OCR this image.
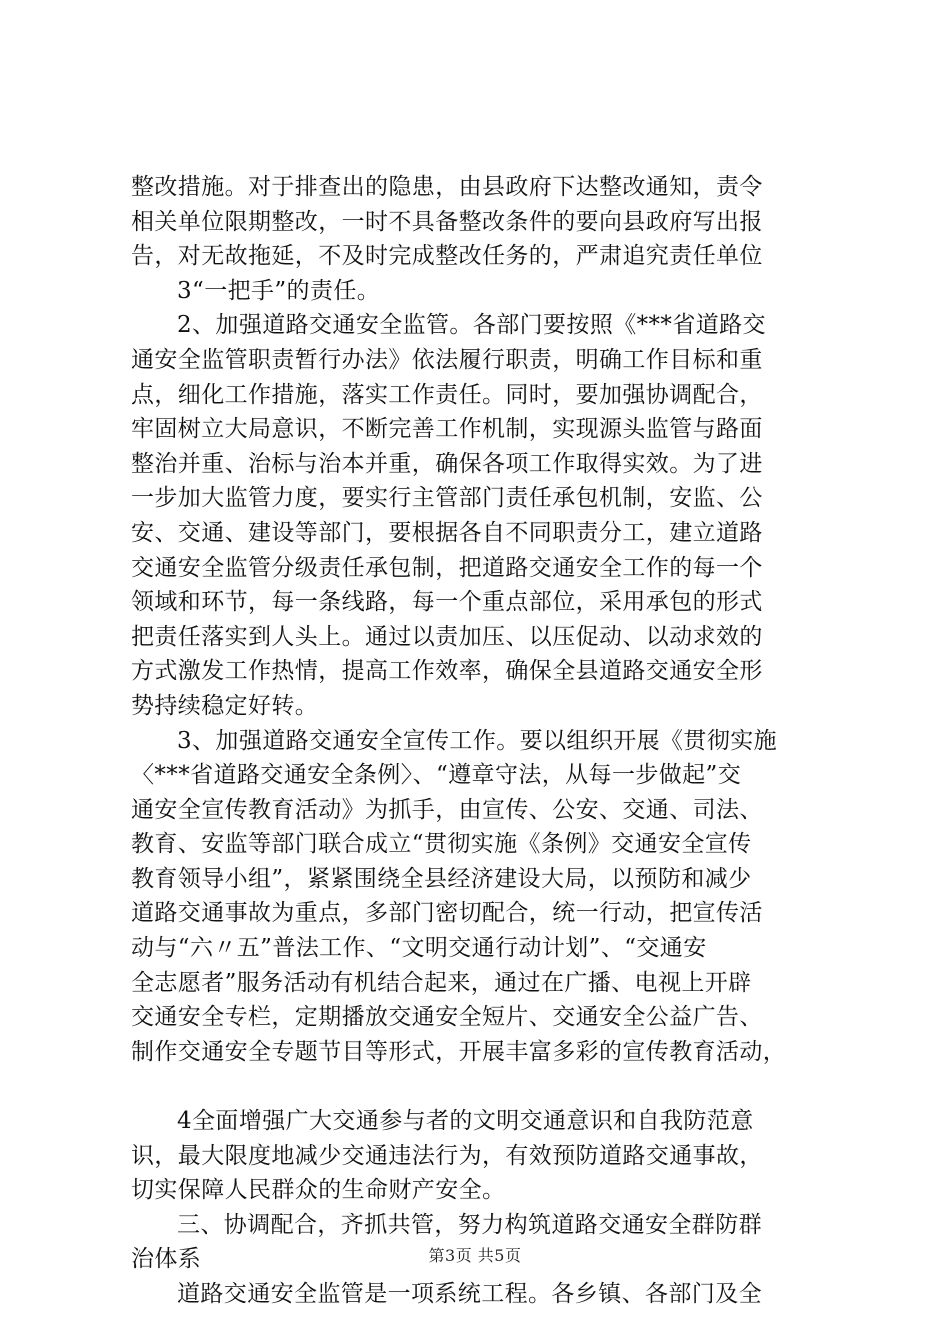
整改措施。对于排查出的隐患，由县政府下达整改通知，责令
相关单位限期整改，一时不具备整改条件的要向县政府写出报
告，对无故拖延，不及时完成整改任务的，严肃追究责任单位
3“一把手”的责任。
2、加强道路交通安全监管。各部门要按照《***省道路交
通安全监管职责暂行办法》依法履行职责，明确工作目标和重
点，细化工作措施，落实工作责任。同时，要加强协调配合，
牢固树立大局意识，不断完善工作机制，实现源头监管与路面
整治并重、治标与治本并重，确保各项工作取得实效。为了进
一步加大监管力度，要实行主管部门责任承包机制，安监、公
安、交通、建设等部门，要根据各自不同职责分工，建立道路
交通安全监管分级责任承包制，把道路交通安全工作的每一个
领域和环节，每一条线路，每一个重点部位，采用承包的形式
把责任落实到人头上。通过以责加压、以压促动、以动求效的
方式激发工作热情，提高工作效率，确保全县道路交通安全形
势持续稳定好转。
3、加强道路交通安全宣传工作。要以组织开展《贯彻实施
〈***省道路交通安全条例〉、“遵章守法，从每一步做起”交
通安全宣传教育活动》为抓手，由宣传、公安、交通、司法、
教育、安监等部门联合成立“贯彻实施《条例》交通安全宣传
教育领导小组”，紧紧围绕全县经济建设大局，以预防和减少
道路交通事故为重点，多部门密切配合，统一行动，把宣传活
动与“六〃五”普法工作、“文明交通行动计划”、“交通安
全志愿者”服务活动有机结合起来，通过在广播、电视上开辟
交通安全专栏，定期播放交通安全短片、交通安全公益广告、
制作交通安全专题节目等形式，开展丰富多彩的宣传教育活动，
4全面增强广大交通参与者的文明交通意识和自我防范意
识，最大限度地减少交通违法行为，有效预防道路交通事故，
切实保障人民群众的生命财产安全。
三、协调配合，齐抓共管，努力构筑道路交通安全群防群
治体系
道路交通安全监管是一项系统工程。各乡镇、各部门及全
第3页 共5页
